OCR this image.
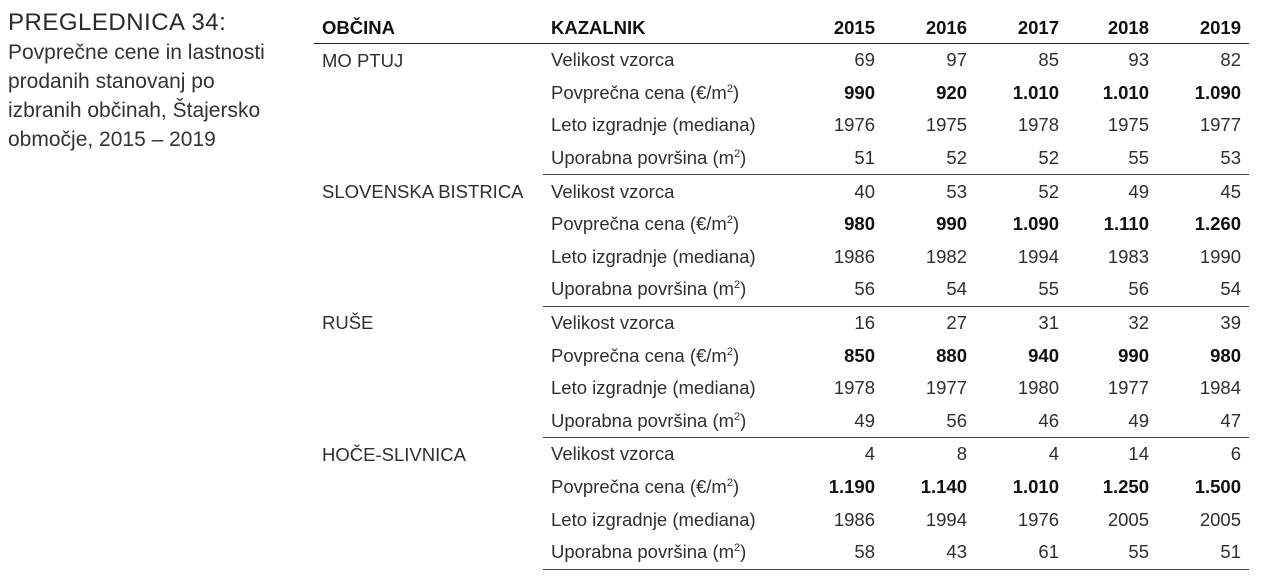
PREGLEDNICA 34:
Povprečne cene in lastnosti prodanih stanovanj po izbranih občinah, Štajersko območje, 2015 – 2019
OBČINA	KAZALNIK	2015	2016	2017	2018	2019
MO PTUJ	Velikost vzorca	69	97	85	93	82
	Povprečna cena $(€/m^2)$	990	920	1.010	1.010	1.090
	Leto izgradnje (mediana)	1976	1975	1978	1975	1977
	Uporabna površina $(m^2)$	51	52	52	55	53
SLOVENSKA BISTRICA	Velikost vzorca	40	53	52	49	45
	Povprečna cena $(€/m^2)$	980	990	1.090	1.110	1.260
	Leto izgradnje (mediana)	1986	1982	1994	1983	1990
	Uporabna površina $(m^2)$	56	54	55	56	54
RUŠE	Velikost vzorca	16	27	31	32	39
	Povprečna cena $(€/m^2)$	850	880	940	990	980
	Leto izgradnje (mediana)	1978	1977	1980	1977	1984
	Uporabna površina $(m^2)$	49	56	46	49	47
HOČE-SLIVNICA	Velikost vzorca	4	8	4	14	6
	Povprečna cena $(€/m^2)$	1.190	1.140	1.010	1.250	1.500
	Leto izgradnje (mediana)	1986	1994	1976	2005	2005
	Uporabna površina $(m^2)$	58	43	61	55	51
